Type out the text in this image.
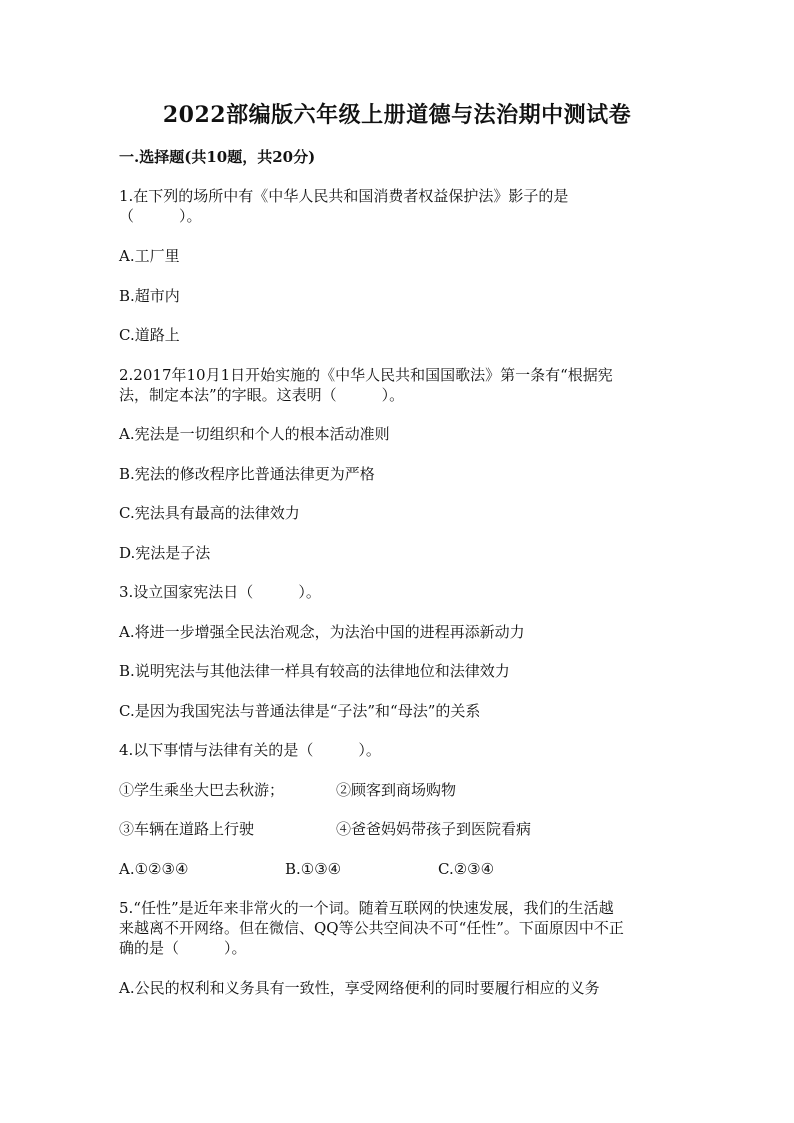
2022部编版六年级上册道德与法治期中测试卷
一.选择题(共10题，共20分)
1.在下列的场所中有《中华人民共和国消费者权益保护法》影子的是
（　　　）。
A.工厂里
B.超市内
C.道路上
2.2017年10月1日开始实施的《中华人民共和国国歌法》第一条有“根据宪
法，制定本法”的字眼。这表明（　　　）。
A.宪法是一切组织和个人的根本活动准则
B.宪法的修改程序比普通法律更为严格
C.宪法具有最高的法律效力
D.宪法是子法
3.设立国家宪法日（　　　）。
A.将进一步增强全民法治观念，为法治中国的进程再添新动力
B.说明宪法与其他法律一样具有较高的法律地位和法律效力
C.是因为我国宪法与普通法律是“子法”和“母法”的关系
4.以下事情与法律有关的是（　　　）。
①学生乘坐大巴去秋游；	②顾客到商场购物
③车辆在道路上行驶	④爸爸妈妈带孩子到医院看病
A.①②③④	B.①③④	C.②③④
5.“任性”是近年来非常火的一个词。随着互联网的快速发展，我们的生活越
来越离不开网络。但在微信、QQ等公共空间决不可“任性”。下面原因中不正
确的是（　　　）。
A.公民的权利和义务具有一致性，享受网络便利的同时要履行相应的义务
